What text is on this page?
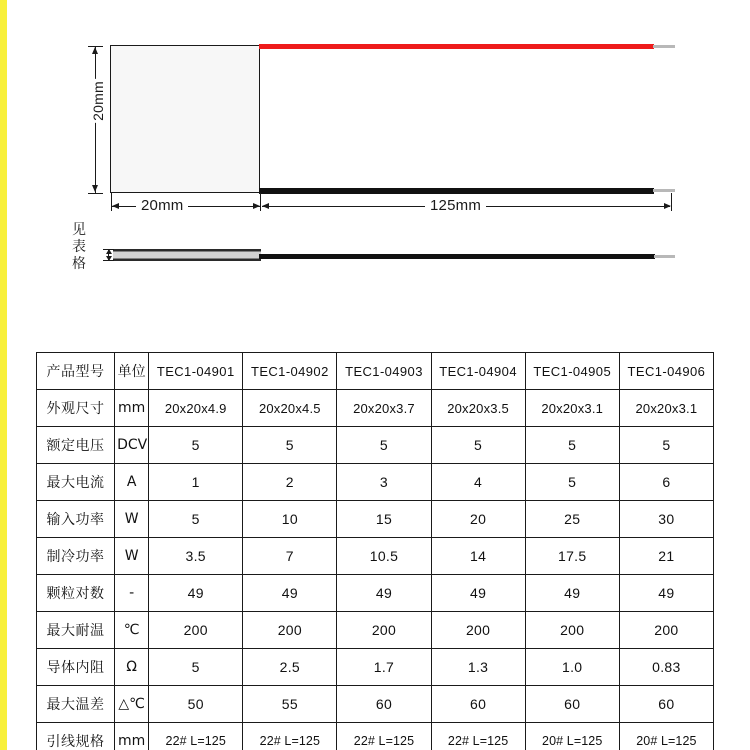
20mm
20mm	125mm
见表格
产品型号	单位	TEC1-04901	TEC1-04902	TEC1-04903	TEC1-04904	TEC1-04905	TEC1-04906
外观尺寸	mm	20x20x4.9	20x20x4.5	20x20x3.7	20x20x3.5	20x20x3.1	20x20x3.1
额定电压	DCV	5	5	5	5	5	5
最大电流	A	1	2	3	4	5	6
输入功率	W	5	10	15	20	25	30
制冷功率	W	3.5	7	10.5	14	17.5	21
颗粒对数	-	49	49	49	49	49	49
最大耐温	℃	200	200	200	200	200	200
导体内阻	Ω	5	2.5	1.7	1.3	1.0	0.83
最大温差	△℃	50	55	60	60	60	60
引线规格	mm	22# L=125	22# L=125	22# L=125	22# L=125	20# L=125	20# L=125
